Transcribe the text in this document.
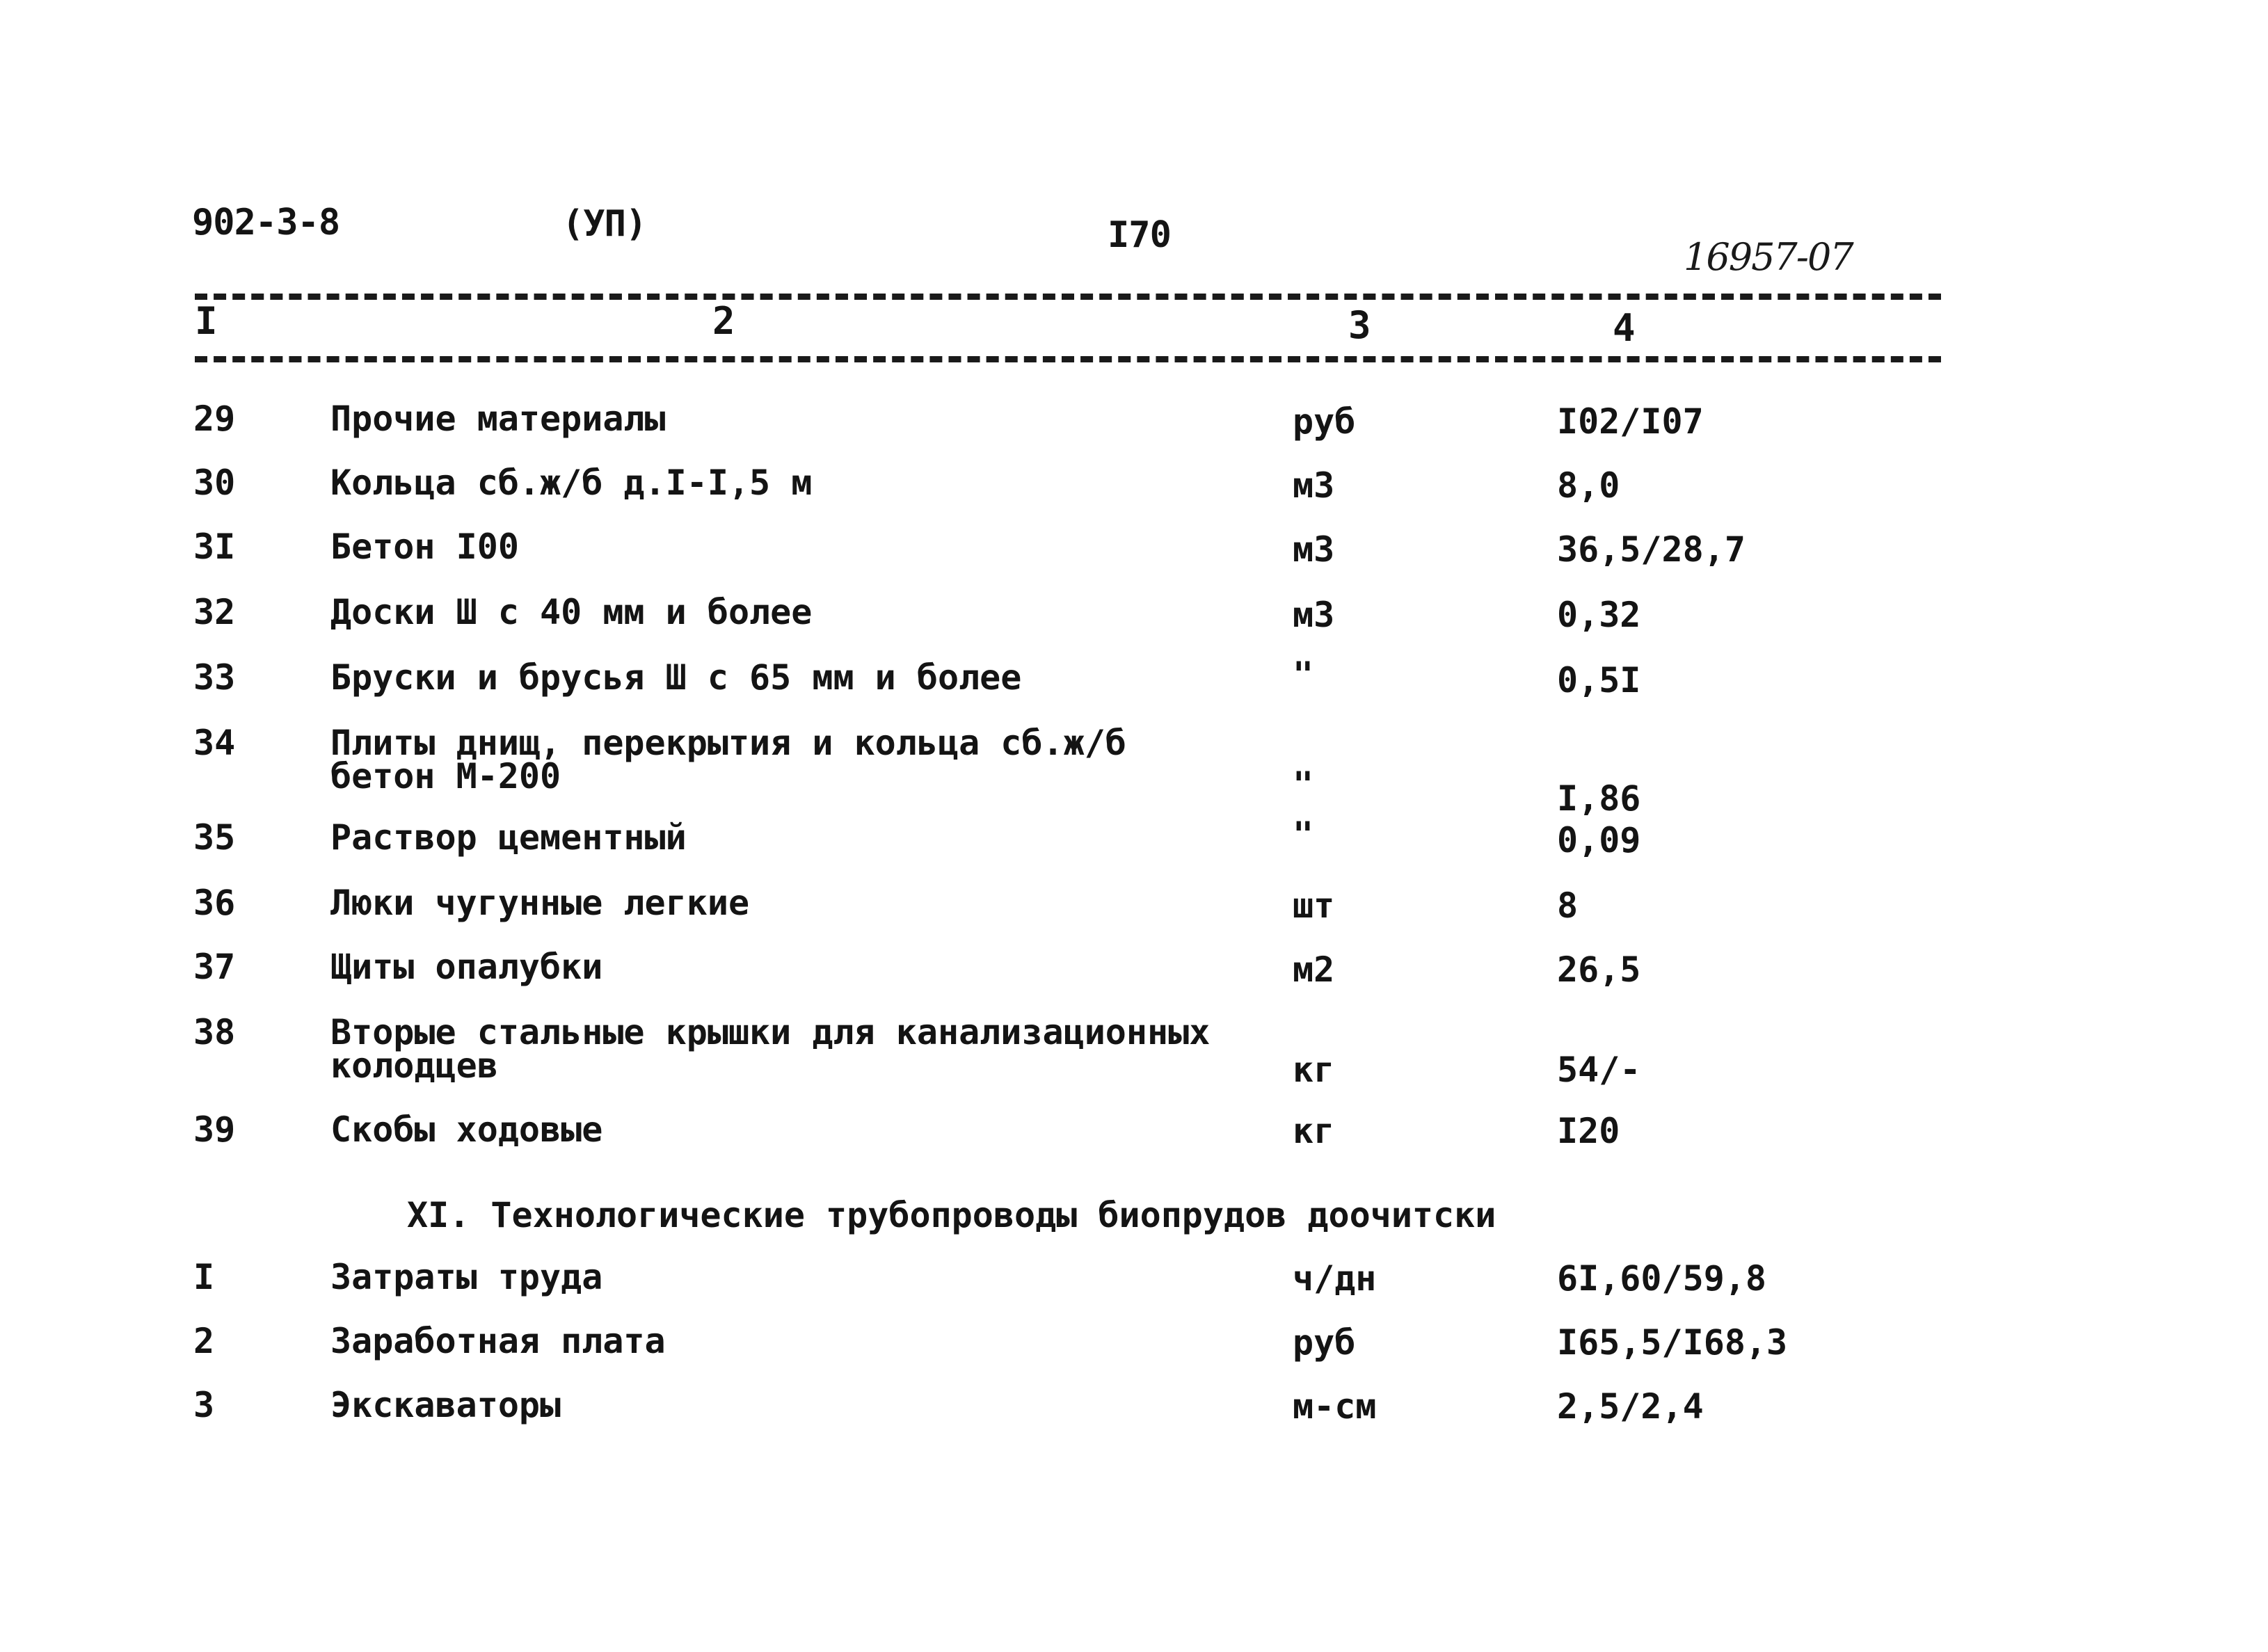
902-3-8	(УП)	I70	16957-07
I	2	3	4
29	Прочие материалы	руб	I02/I07
30	Кольца сб.ж/б д.I-I,5 м	м3	8,0
3I	Бетон I00	м3	36,5/28,7
32	Доски Ш с 40 мм и более	м3	0,32
33	Бруски и брусья Ш с 65 мм и более	"	0,5I
34	Плиты днищ, перекрытия и кольца сб.ж/б
бетон М-200	"	I,86
35	Раствор цементный	"	0,09
36	Люки чугунные легкие	шт	8
37	Щиты опалубки	м2	26,5
38	Вторые стальные крышки для канализационных
колодцев	кг	54/-
39	Скобы ходовые	кг	I20
XI. Технологические трубопроводы биопрудов доочитски
I	Затраты труда	ч/дн	6I,60/59,8
2	Заработная плата	руб	I65,5/I68,3
3	Экскаваторы	м-см	2,5/2,4
